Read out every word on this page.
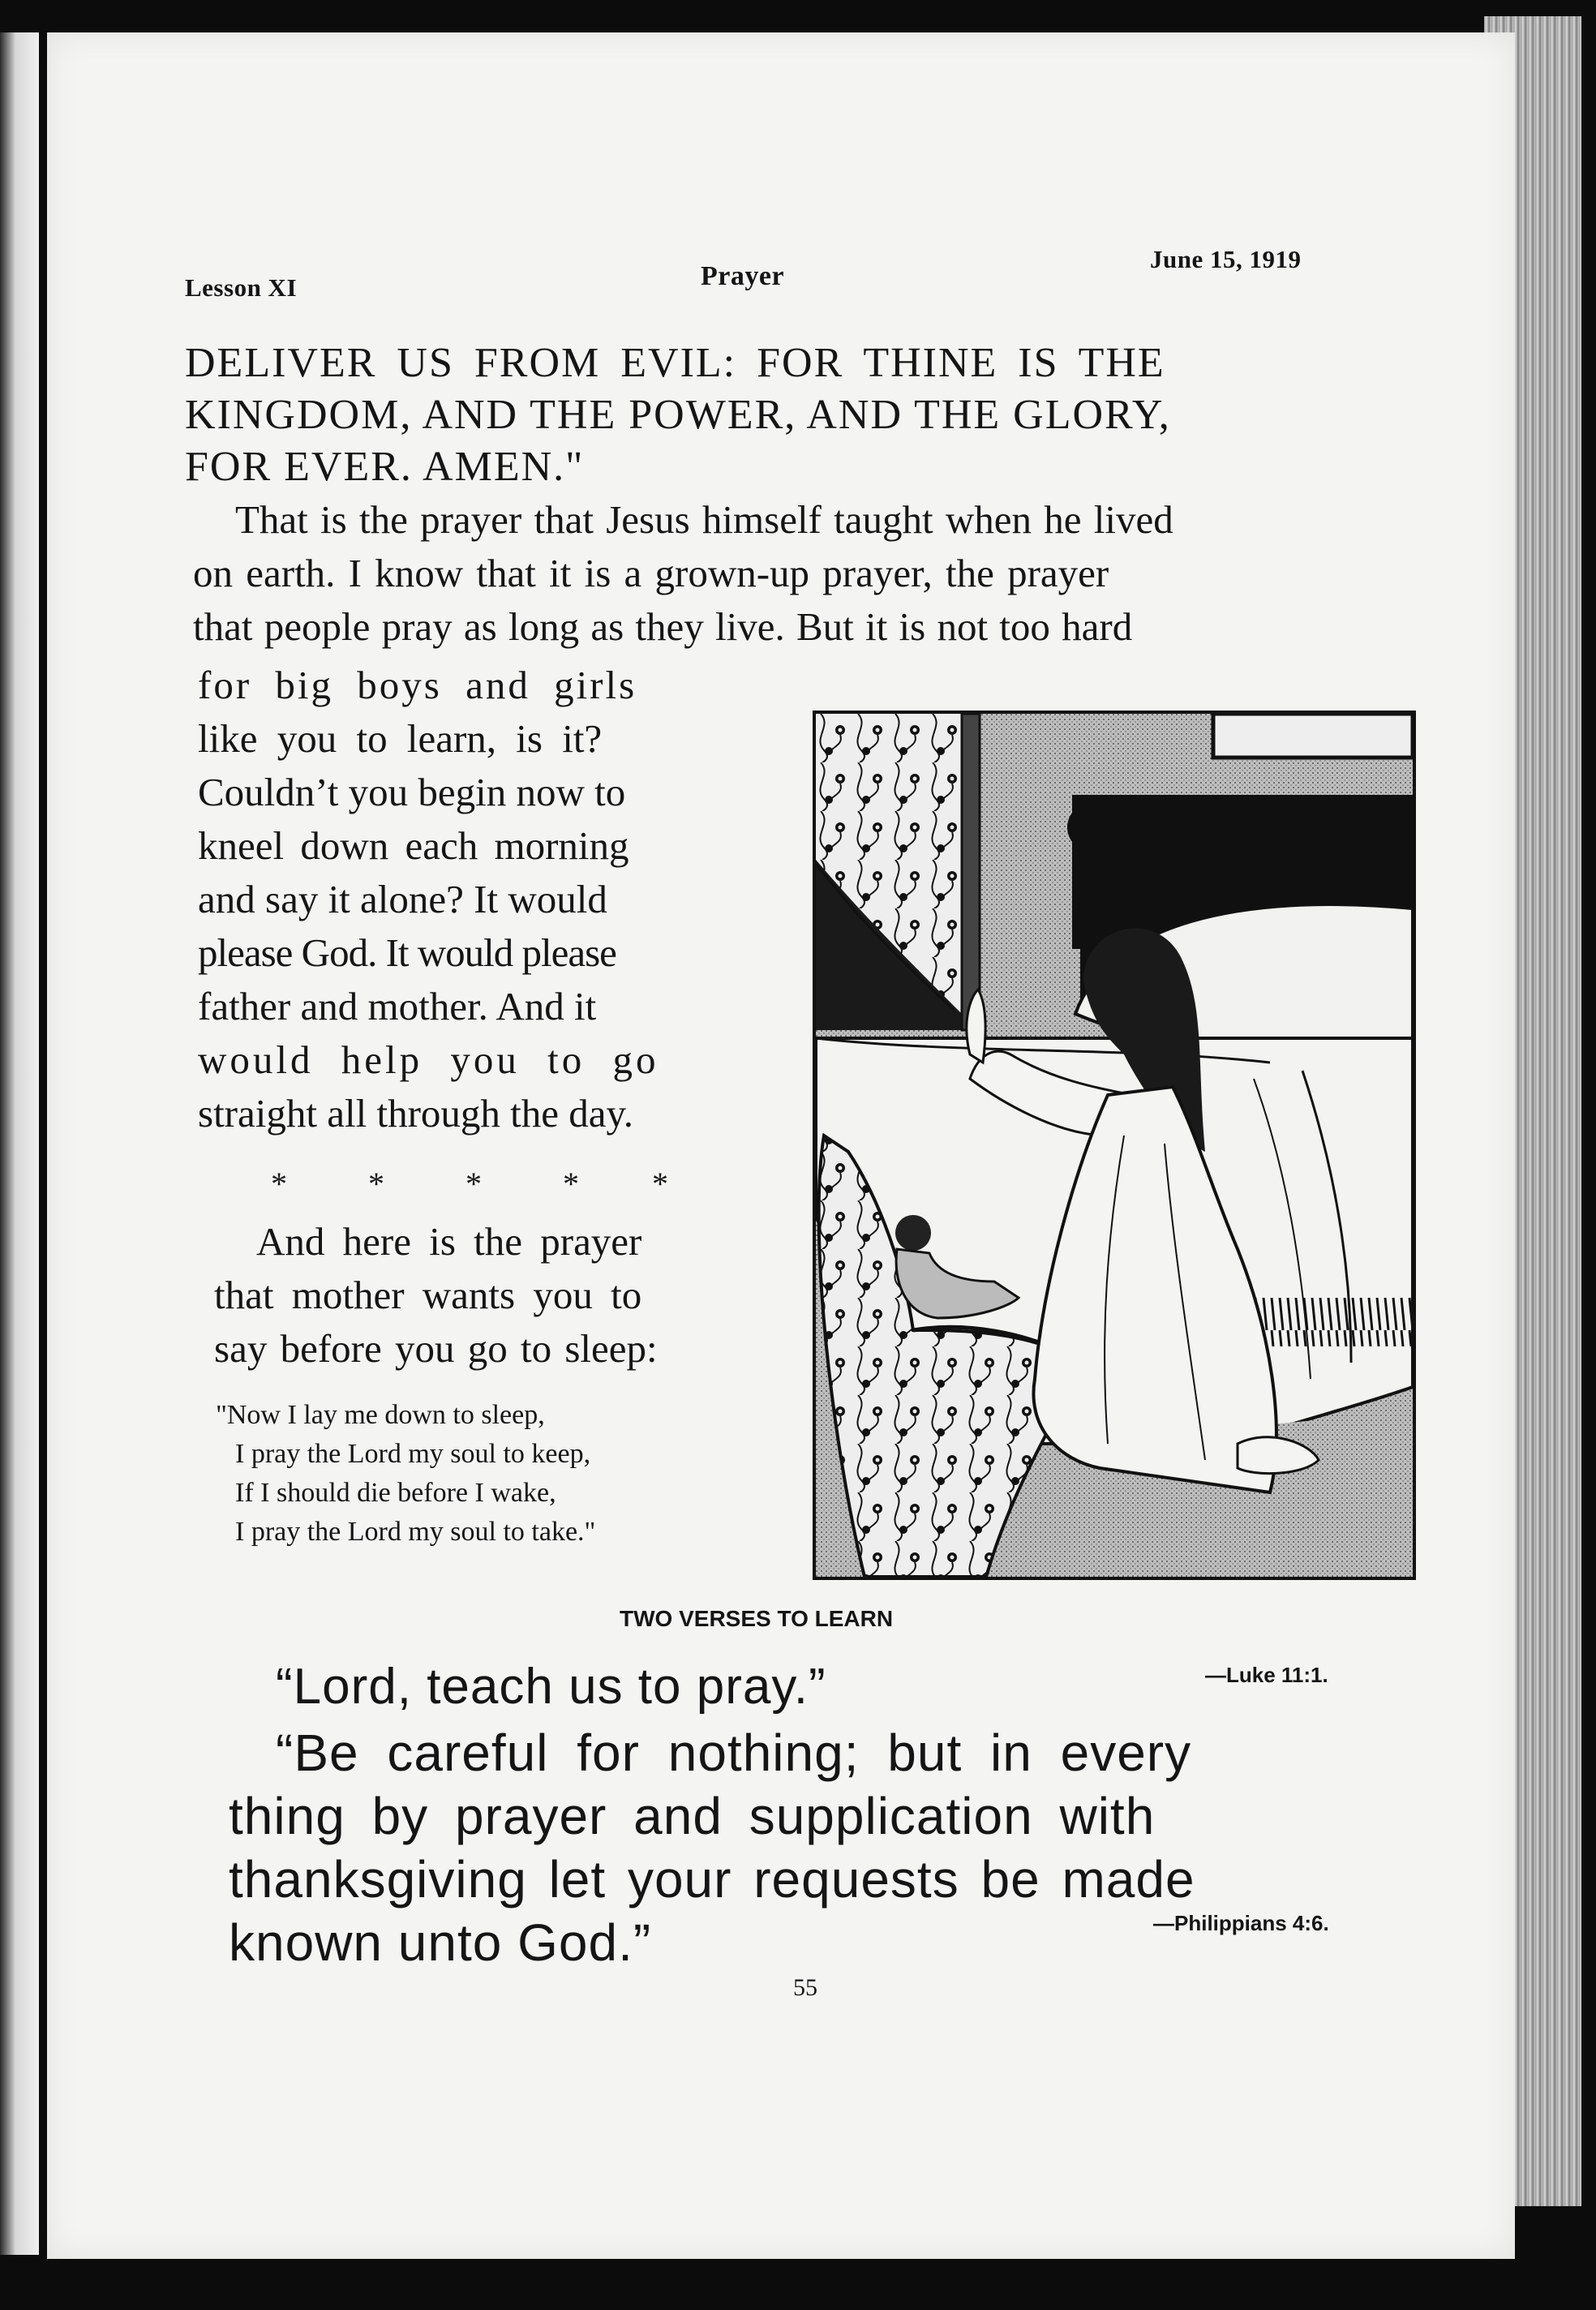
Lesson XI	Prayer
June 15, 1919
DELIVER US FROM EVIL: FOR THINE IS THE
KINGDOM, AND THE POWER, AND THE GLORY,
FOR EVER. AMEN."
That is the prayer that Jesus himself taught when he lived
on earth. I know that it is a grown-up prayer, the prayer
that people pray as long as they live. But it is not too hard
for big boys and girls
like you to learn, is it?
Couldn’t you begin now to
kneel down each morning
and say it alone? It would
please God. It would please
father and mother. And it
would help you to go
straight all through the day.
*	*	*	* *
And here is the prayer
that mother wants you to
say before you go to sleep:
"Now I lay me down to sleep,
I pray the Lord my soul to keep,
If I should die before I wake,
I pray the Lord my soul to take."
TWO VERSES TO LEARN
“Lord, teach us to pray.”	—Luke 11:1.
“Be careful for nothing; but in every
thing by prayer and supplication with
thanksgiving let your requests be made
known unto God.”	—Philippians 4:6.
55
